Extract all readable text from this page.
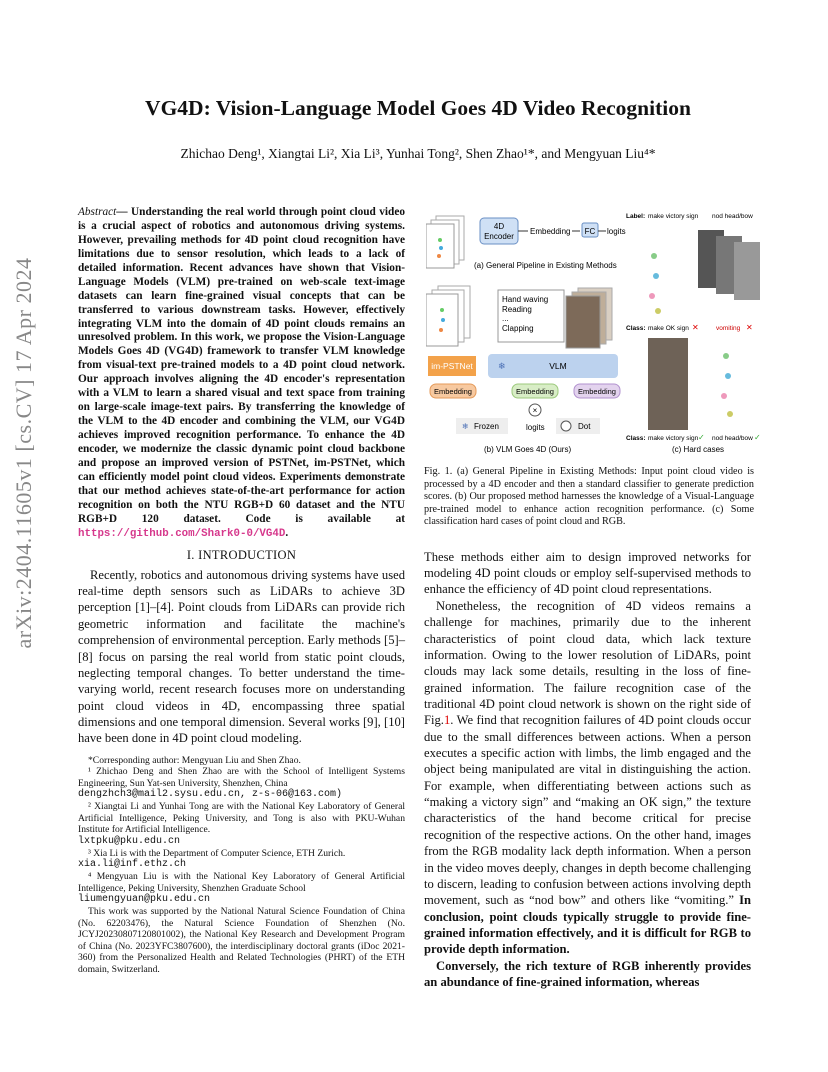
arXiv:2404.11605v1 [cs.CV] 17 Apr 2024
VG4D: Vision-Language Model Goes 4D Video Recognition
Zhichao Deng¹, Xiangtai Li², Xia Li³, Yunhai Tong², Shen Zhao¹*, and Mengyuan Liu⁴*
Abstract— Understanding the real world through point cloud video is a crucial aspect of robotics and autonomous driving systems. However, prevailing methods for 4D point cloud recognition have limitations due to sensor resolution, which leads to a lack of detailed information. Recent advances have shown that Vision-Language Models (VLM) pre-trained on web-scale text-image datasets can learn fine-grained visual concepts that can be transferred to various downstream tasks. However, effectively integrating VLM into the domain of 4D point clouds remains an unresolved problem. In this work, we propose the Vision-Language Models Goes 4D (VG4D) framework to transfer VLM knowledge from visual-text pre-trained models to a 4D point cloud network. Our approach involves aligning the 4D encoder's representation with a VLM to learn a shared visual and text space from training on large-scale image-text pairs. By transferring the knowledge of the VLM to the 4D encoder and combining the VLM, our VG4D achieves improved recognition performance. To enhance the 4D encoder, we modernize the classic dynamic point cloud backbone and propose an improved version of PSTNet, im-PSTNet, which can efficiently model point cloud videos. Experiments demonstrate that our method achieves state-of-the-art performance for action recognition on both the NTU RGB+D 60 dataset and the NTU RGB+D 120 dataset. Code is available at https://github.com/Shark0-0/VG4D.
I. INTRODUCTION

Recently, robotics and autonomous driving systems have used real-time depth sensors such as LiDARs to achieve 3D perception [1]–[4]. Point clouds from LiDARs can provide rich geometric information and facilitate the machine's comprehension of environmental perception. Early methods [5]–[8] focus on parsing the real world from static point clouds, neglecting temporal changes. To better understand the time-varying world, recent research focuses more on understanding point cloud videos in 4D, encompassing three spatial dimensions and one temporal dimension. Several works [9], [10] have been done in 4D point cloud modeling.

*Corresponding author: Mengyuan Liu and Shen Zhao.

¹ Zhichao Deng and Shen Zhao are with the School of Intelligent Systems Engineering, Sun Yat-sen University, Shenzhen, China

dengzhch3@mail2.sysu.edu.cn, z-s-06@163.com)

² Xiangtai Li and Yunhai Tong are with the National Key Laboratory of General Artificial Intelligence, Peking University, and Tong is also with PKU-Wuhan Institute for Artificial Intelligence.

lxtpku@pku.edu.cn

³ Xia Li is with the Department of Computer Science, ETH Zurich.

xia.li@inf.ethz.ch

⁴ Mengyuan Liu is with the National Key Laboratory of General Artificial Intelligence, Peking University, Shenzhen Graduate School

liumengyuan@pku.edu.cn

This work was supported by the National Natural Science Foundation of China (No. 62203476), the Natural Science Foundation of Shenzhen (No. JCYJ20230807120801002), the National Key Research and Development Program of China (No. 2023YFC3807600), the interdisciplinary doctoral grants (iDoc 2021-360) from the Personalized Health and Related Technologies (PHRT) of the ETH domain, Switzerland.

4D
Encoder
Embedding FC logits
(a) General Pipeline in Existing Methods
Hand waving
Reading
...
Clapping
im-PSTNet	❄	VLM
Embedding	Embedding	Embedding
×
logits
❄ Frozen	Dot
(b) VLM Goes 4D (Ours)
Label: make victory sign nod head/bow
Class: make OK sign ✕	vomiting ✕
Class: make victory sign ✓ nod head/bow ✓
(c) Hard cases
Fig. 1. (a) General Pipeline in Existing Methods: Input point cloud video is processed by a 4D encoder and then a standard classifier to generate prediction scores. (b) Our proposed method harnesses the knowledge of a Visual-Language pre-trained model to enhance action recognition performance. (c) Some classification hard cases of point cloud and RGB.

These methods either aim to design improved networks for modeling 4D point clouds or employ self-supervised methods to enhance the efficiency of 4D point cloud representations.

Nonetheless, the recognition of 4D videos remains a challenge for machines, primarily due to the inherent characteristics of point cloud data, which lack texture information. Owing to the lower resolution of LiDARs, point clouds may lack some details, resulting in the loss of fine-grained information. The failure recognition case of the traditional 4D point cloud network is shown on the right side of Fig.1. We find that recognition failures of 4D point clouds occur due to the small differences between actions. When a person executes a specific action with limbs, the limb engaged and the object being manipulated are vital in distinguishing the action. For example, when differentiating between actions such as “making a victory sign” and “making an OK sign,” the texture characteristics of the hand become critical for precise recognition of the respective actions. On the other hand, images from the RGB modality lack depth information. When a person in the video moves deeply, changes in depth become challenging to discern, leading to confusion between actions involving depth movement, such as “nod bow” and others like “vomiting.” In conclusion, point clouds typically struggle to provide fine-grained information effectively, and it is difficult for RGB to provide depth information.

Conversely, the rich texture of RGB inherently provides an abundance of fine-grained information, whereas
